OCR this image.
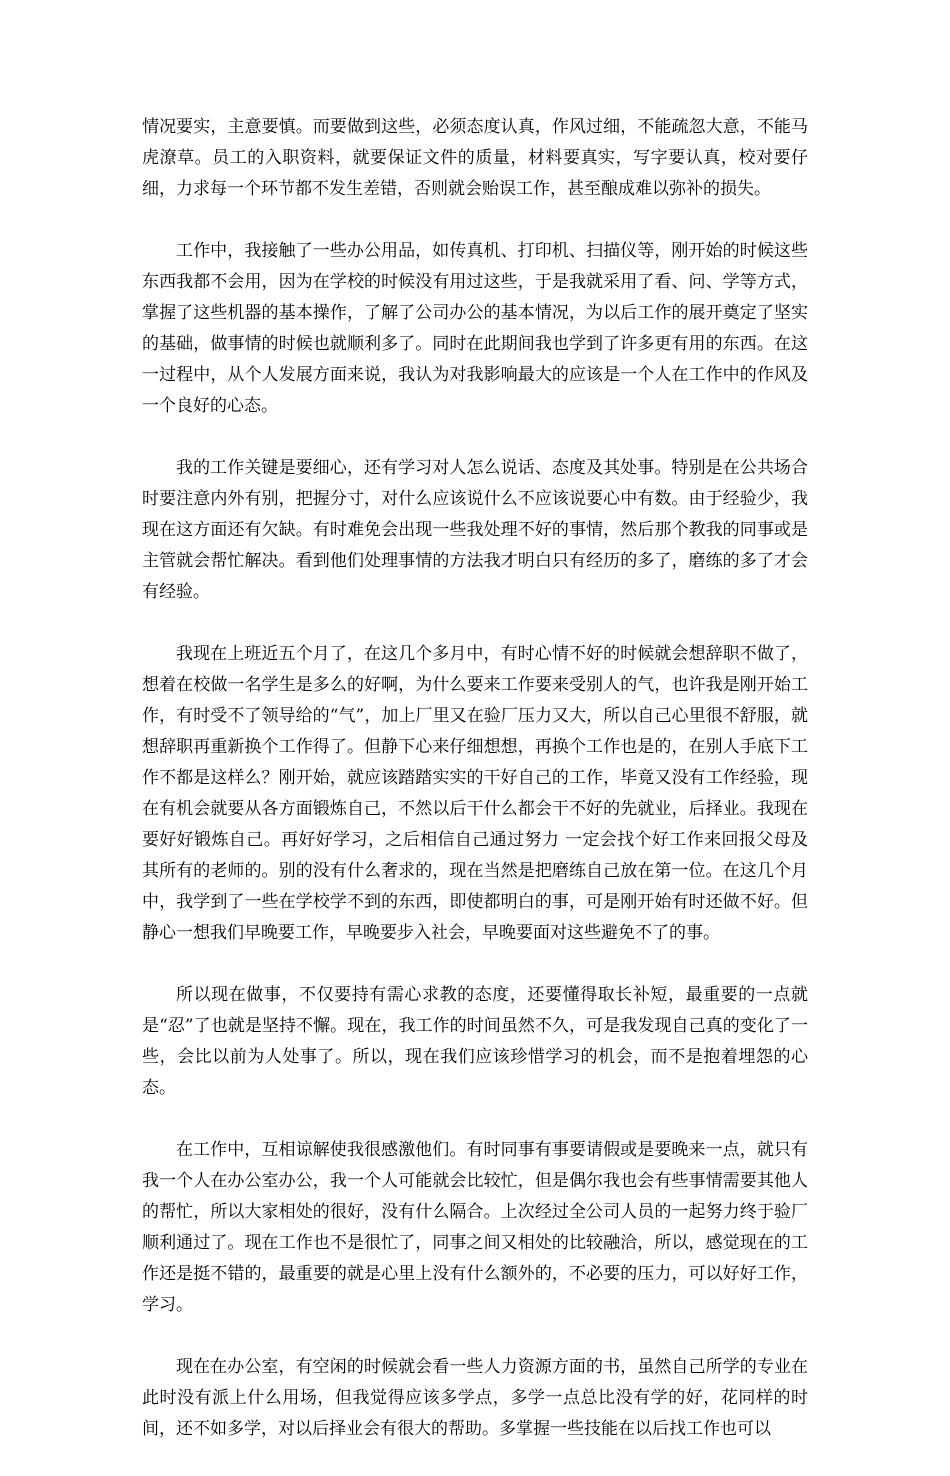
情况要实，主意要慎。而要做到这些，必须态度认真，作风过细，不能疏忽大意，不能马虎潦草。员工的入职资料，就要保证文件的质量，材料要真实，写字要认真，校对要仔细，力求每一个环节都不发生差错，否则就会贻误工作，甚至酿成难以弥补的损失。

工作中，我接触了一些办公用品，如传真机、打印机、扫描仪等，刚开始的时候这些东西我都不会用，因为在学校的时候没有用过这些，于是我就采用了看、问、学等方式，掌握了这些机器的基本操作，了解了公司办公的基本情况，为以后工作的展开奠定了坚实的基础，做事情的时候也就顺利多了。同时在此期间我也学到了许多更有用的东西。在这一过程中，从个人发展方面来说，我认为对我影响最大的应该是一个人在工作中的作风及一个良好的心态。

我的工作关键是要细心，还有学习对人怎么说话、态度及其处事。特别是在公共场合时要注意内外有别，把握分寸，对什么应该说什么不应该说要心中有数。由于经验少，我现在这方面还有欠缺。有时难免会出现一些我处理不好的事情，然后那个教我的同事或是主管就会帮忙解决。看到他们处理事情的方法我才明白只有经历的多了，磨练的多了才会有经验。

我现在上班近五个月了，在这几个多月中，有时心情不好的时候就会想辞职不做了，想着在校做一名学生是多么的好啊，为什么要来工作要来受别人的气，也许我是刚开始工作，有时受不了领导给的“气”，加上厂里又在验厂压力又大，所以自己心里很不舒服，就想辞职再重新换个工作得了。但静下心来仔细想想，再换个工作也是的，在别人手底下工作不都是这样么？刚开始，就应该踏踏实实的干好自己的工作，毕竟又没有工作经验，现在有机会就要从各方面锻炼自己，不然以后干什么都会干不好的先就业，后择业。我现在要好好锻炼自己。再好好学习，之后相信自己通过努力 一定会找个好工作来回报父母及其所有的老师的。别的没有什么奢求的，现在当然是把磨练自己放在第一位。在这几个月中，我学到了一些在学校学不到的东西，即使都明白的事，可是刚开始有时还做不好。但静心一想我们早晚要工作，早晚要步入社会，早晚要面对这些避免不了的事。

所以现在做事，不仅要持有需心求教的态度，还要懂得取长补短，最重要的一点就是“忍”了也就是坚持不懈。现在，我工作的时间虽然不久，可是我发现自己真的变化了一些，会比以前为人处事了。所以，现在我们应该珍惜学习的机会，而不是抱着埋怨的心态。

在工作中，互相谅解使我很感激他们。有时同事有事要请假或是要晚来一点，就只有我一个人在办公室办公，我一个人可能就会比较忙，但是偶尔我也会有些事情需要其他人的帮忙，所以大家相处的很好，没有什么隔合。上次经过全公司人员的一起努力终于验厂顺利通过了。现在工作也不是很忙了，同事之间又相处的比较融洽，所以，感觉现在的工作还是挺不错的，最重要的就是心里上没有什么额外的，不必要的压力，可以好好工作，学习。

现在在办公室，有空闲的时候就会看一些人力资源方面的书，虽然自己所学的专业在此时没有派上什么用场，但我觉得应该多学点，多学一点总比没有学的好，花同样的时间，还不如多学，对以后择业会有很大的帮助。多掌握一些技能在以后找工作也可以
